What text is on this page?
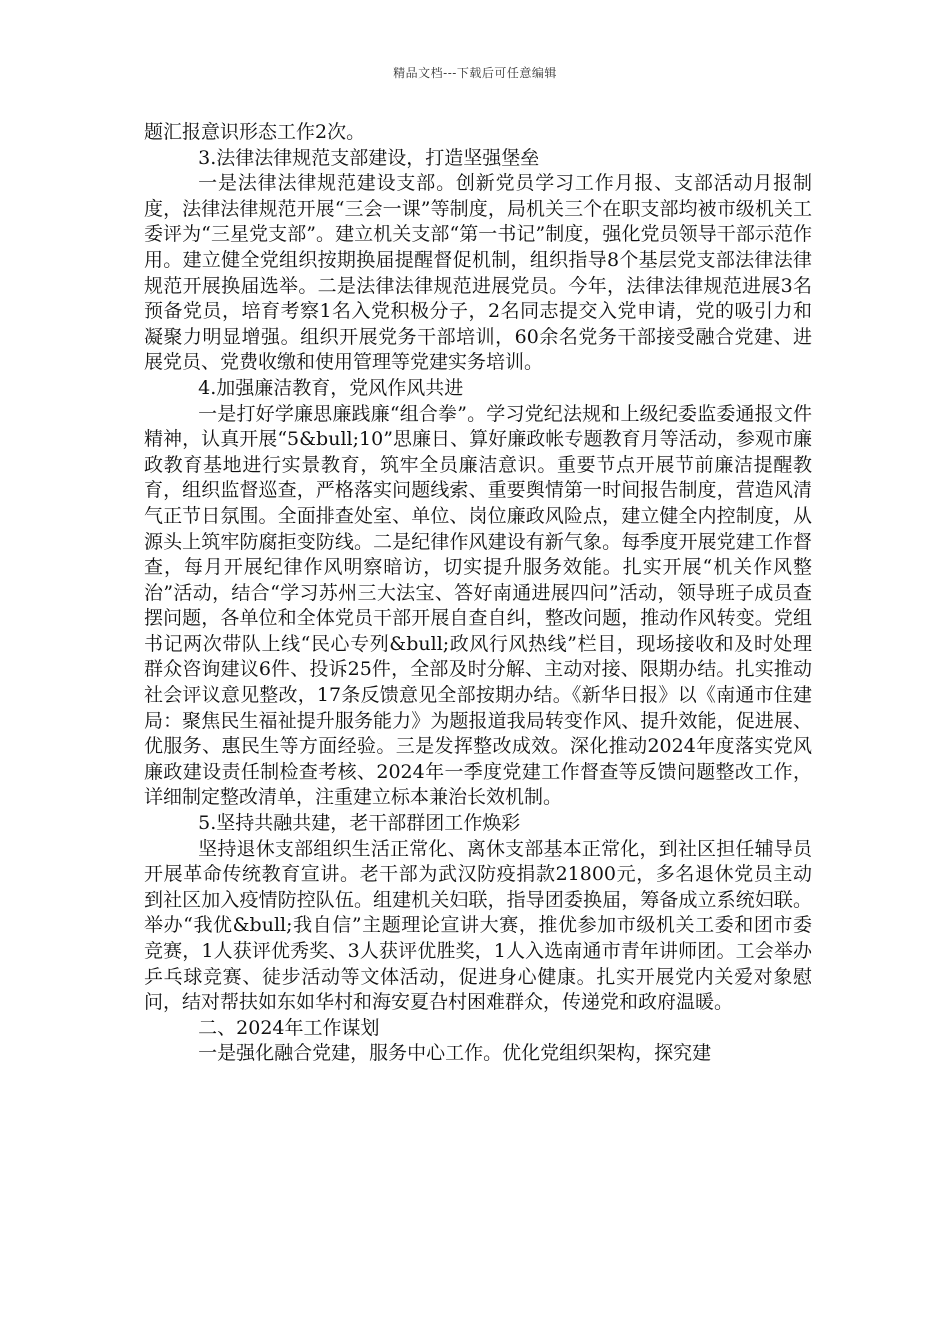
精品文档---下载后可任意编辑

题汇报意识形态工作2次。

3.法律法律规范支部建设，打造坚强堡垒

一是法律法律规范建设支部。创新党员学习工作月报、支部活动月报制度，法律法律规范开展“三会一课”等制度，局机关三个在职支部均被市级机关工委评为“三星党支部”。建立机关支部“第一书记”制度，强化党员领导干部示范作用。建立健全党组织按期换届提醒督促机制，组织指导8个基层党支部法律法律规范开展换届选举。二是法律法律规范进展党员。今年，法律法律规范进展3名预备党员，培育考察1名入党积极分子，2名同志提交入党申请，党的吸引力和凝聚力明显增强。组织开展党务干部培训，60余名党务干部接受融合党建、进展党员、党费收缴和使用管理等党建实务培训。

4.加强廉洁教育，党风作风共进

一是打好学廉思廉践廉“组合拳”。学习党纪法规和上级纪委监委通报文件精神，认真开展“5&bull;10”思廉日、算好廉政帐专题教育月等活动，参观市廉政教育基地进行实景教育，筑牢全员廉洁意识。重要节点开展节前廉洁提醒教育，组织监督巡查，严格落实问题线索、重要舆情第一时间报告制度，营造风清气正节日氛围。全面排查处室、单位、岗位廉政风险点，建立健全内控制度，从源头上筑牢防腐拒变防线。二是纪律作风建设有新气象。每季度开展党建工作督查，每月开展纪律作风明察暗访，切实提升服务效能。扎实开展“机关作风整治”活动，结合“学习苏州三大法宝、答好南通进展四问”活动，领导班子成员查摆问题，各单位和全体党员干部开展自查自纠，整改问题，推动作风转变。党组书记两次带队上线“民心专列&bull;政风行风热线”栏目，现场接收和及时处理群众咨询建议6件、投诉25件，全部及时分解、主动对接、限期办结。扎实推动社会评议意见整改，17条反馈意见全部按期办结。《新华日报》以《南通市住建局：聚焦民生福祉提升服务能力》为题报道我局转变作风、提升效能，促进展、优服务、惠民生等方面经验。三是发挥整改成效。深化推动2024年度落实党风廉政建设责任制检查考核、2024年一季度党建工作督查等反馈问题整改工作，详细制定整改清单，注重建立标本兼治长效机制。

5.坚持共融共建，老干部群团工作焕彩

坚持退休支部组织生活正常化、离休支部基本正常化，到社区担任辅导员开展革命传统教育宣讲。老干部为武汉防疫捐款21800元，多名退休党员主动到社区加入疫情防控队伍。组建机关妇联，指导团委换届，筹备成立系统妇联。举办“我优&bull;我自信”主题理论宣讲大赛，推优参加市级机关工委和团市委竞赛，1人获评优秀奖、3人获评优胜奖，1人入选南通市青年讲师团。工会举办乒乓球竞赛、徒步活动等文体活动，促进身心健康。扎实开展党内关爱对象慰问，结对帮扶如东如华村和海安夏叴村困难群众，传递党和政府温暖。

二、2024年工作谋划

一是强化融合党建，服务中心工作。优化党组织架构，探究建
